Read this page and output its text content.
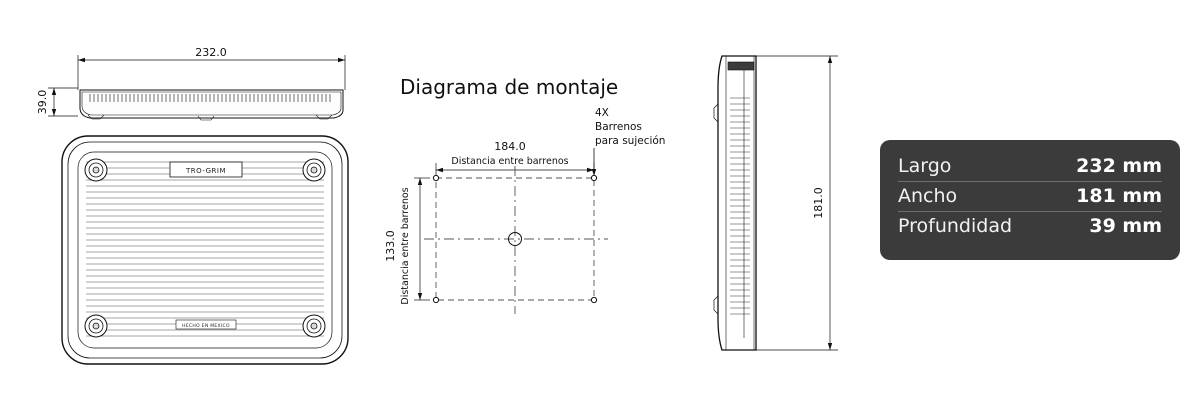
232.0
39.0
TRO-GRIM
HECHO EN MEXICO
Diagrama de montaje
4X
Barrenos
para sujeción
184.0
Distancia entre barrenos
133.0 Distancia entre barrenos	181.0
Largo	232 mm
Ancho	181 mm
Profundidad	39 mm
